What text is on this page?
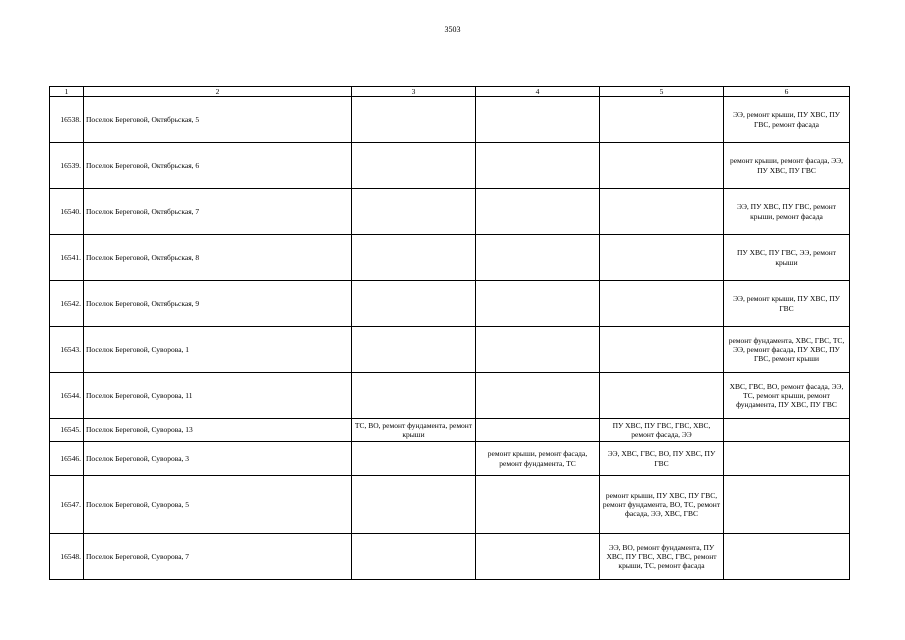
3503
1	2	3	4	5	6
16538.	Поселок Береговой, Октябрьская, 5				ЭЭ, ремонт крыши, ПУ ХВС, ПУ ГВС, ремонт фасада
16539.	Поселок Береговой, Октябрьская, 6				ремонт крыши, ремонт фасада, ЭЭ, ПУ ХВС, ПУ ГВС
16540.	Поселок Береговой, Октябрьская, 7				ЭЭ, ПУ ХВС, ПУ ГВС, ремонт крыши, ремонт фасада
16541.	Поселок Береговой, Октябрьская, 8				ПУ ХВС, ПУ ГВС, ЭЭ, ремонт крыши
16542.	Поселок Береговой, Октябрьская, 9				ЭЭ, ремонт крыши, ПУ ХВС, ПУ ГВС
16543.	Поселок Береговой, Суворова, 1				ремонт фундамента, ХВС, ГВС, ТС, ЭЭ, ремонт фасада, ПУ ХВС, ПУ ГВС, ремонт крыши
16544.	Поселок Береговой, Суворова, 11				ХВС, ГВС, ВО, ремонт фасада, ЭЭ, ТС, ремонт крыши, ремонт фундамента, ПУ ХВС, ПУ ГВС
16545.	Поселок Береговой, Суворова, 13	ТС, ВО, ремонт фундамента, ремонт крыши		ПУ ХВС, ПУ ГВС, ГВС, ХВС, ремонт фасада, ЭЭ	
16546.	Поселок Береговой, Суворова, 3		ремонт крыши, ремонт фасада, ремонт фундамента, ТС	ЭЭ, ХВС, ГВС, ВО, ПУ ХВС, ПУ ГВС	
16547.	Поселок Береговой, Суворова, 5			ремонт крыши, ПУ ХВС, ПУ ГВС, ремонт фундамента, ВО, ТС, ремонт фасада, ЭЭ, ХВС, ГВС	
16548.	Поселок Береговой, Суворова, 7			ЭЭ, ВО, ремонт фундамента, ПУ ХВС, ПУ ГВС, ХВС, ГВС, ремонт крыши, ТС, ремонт фасада	
